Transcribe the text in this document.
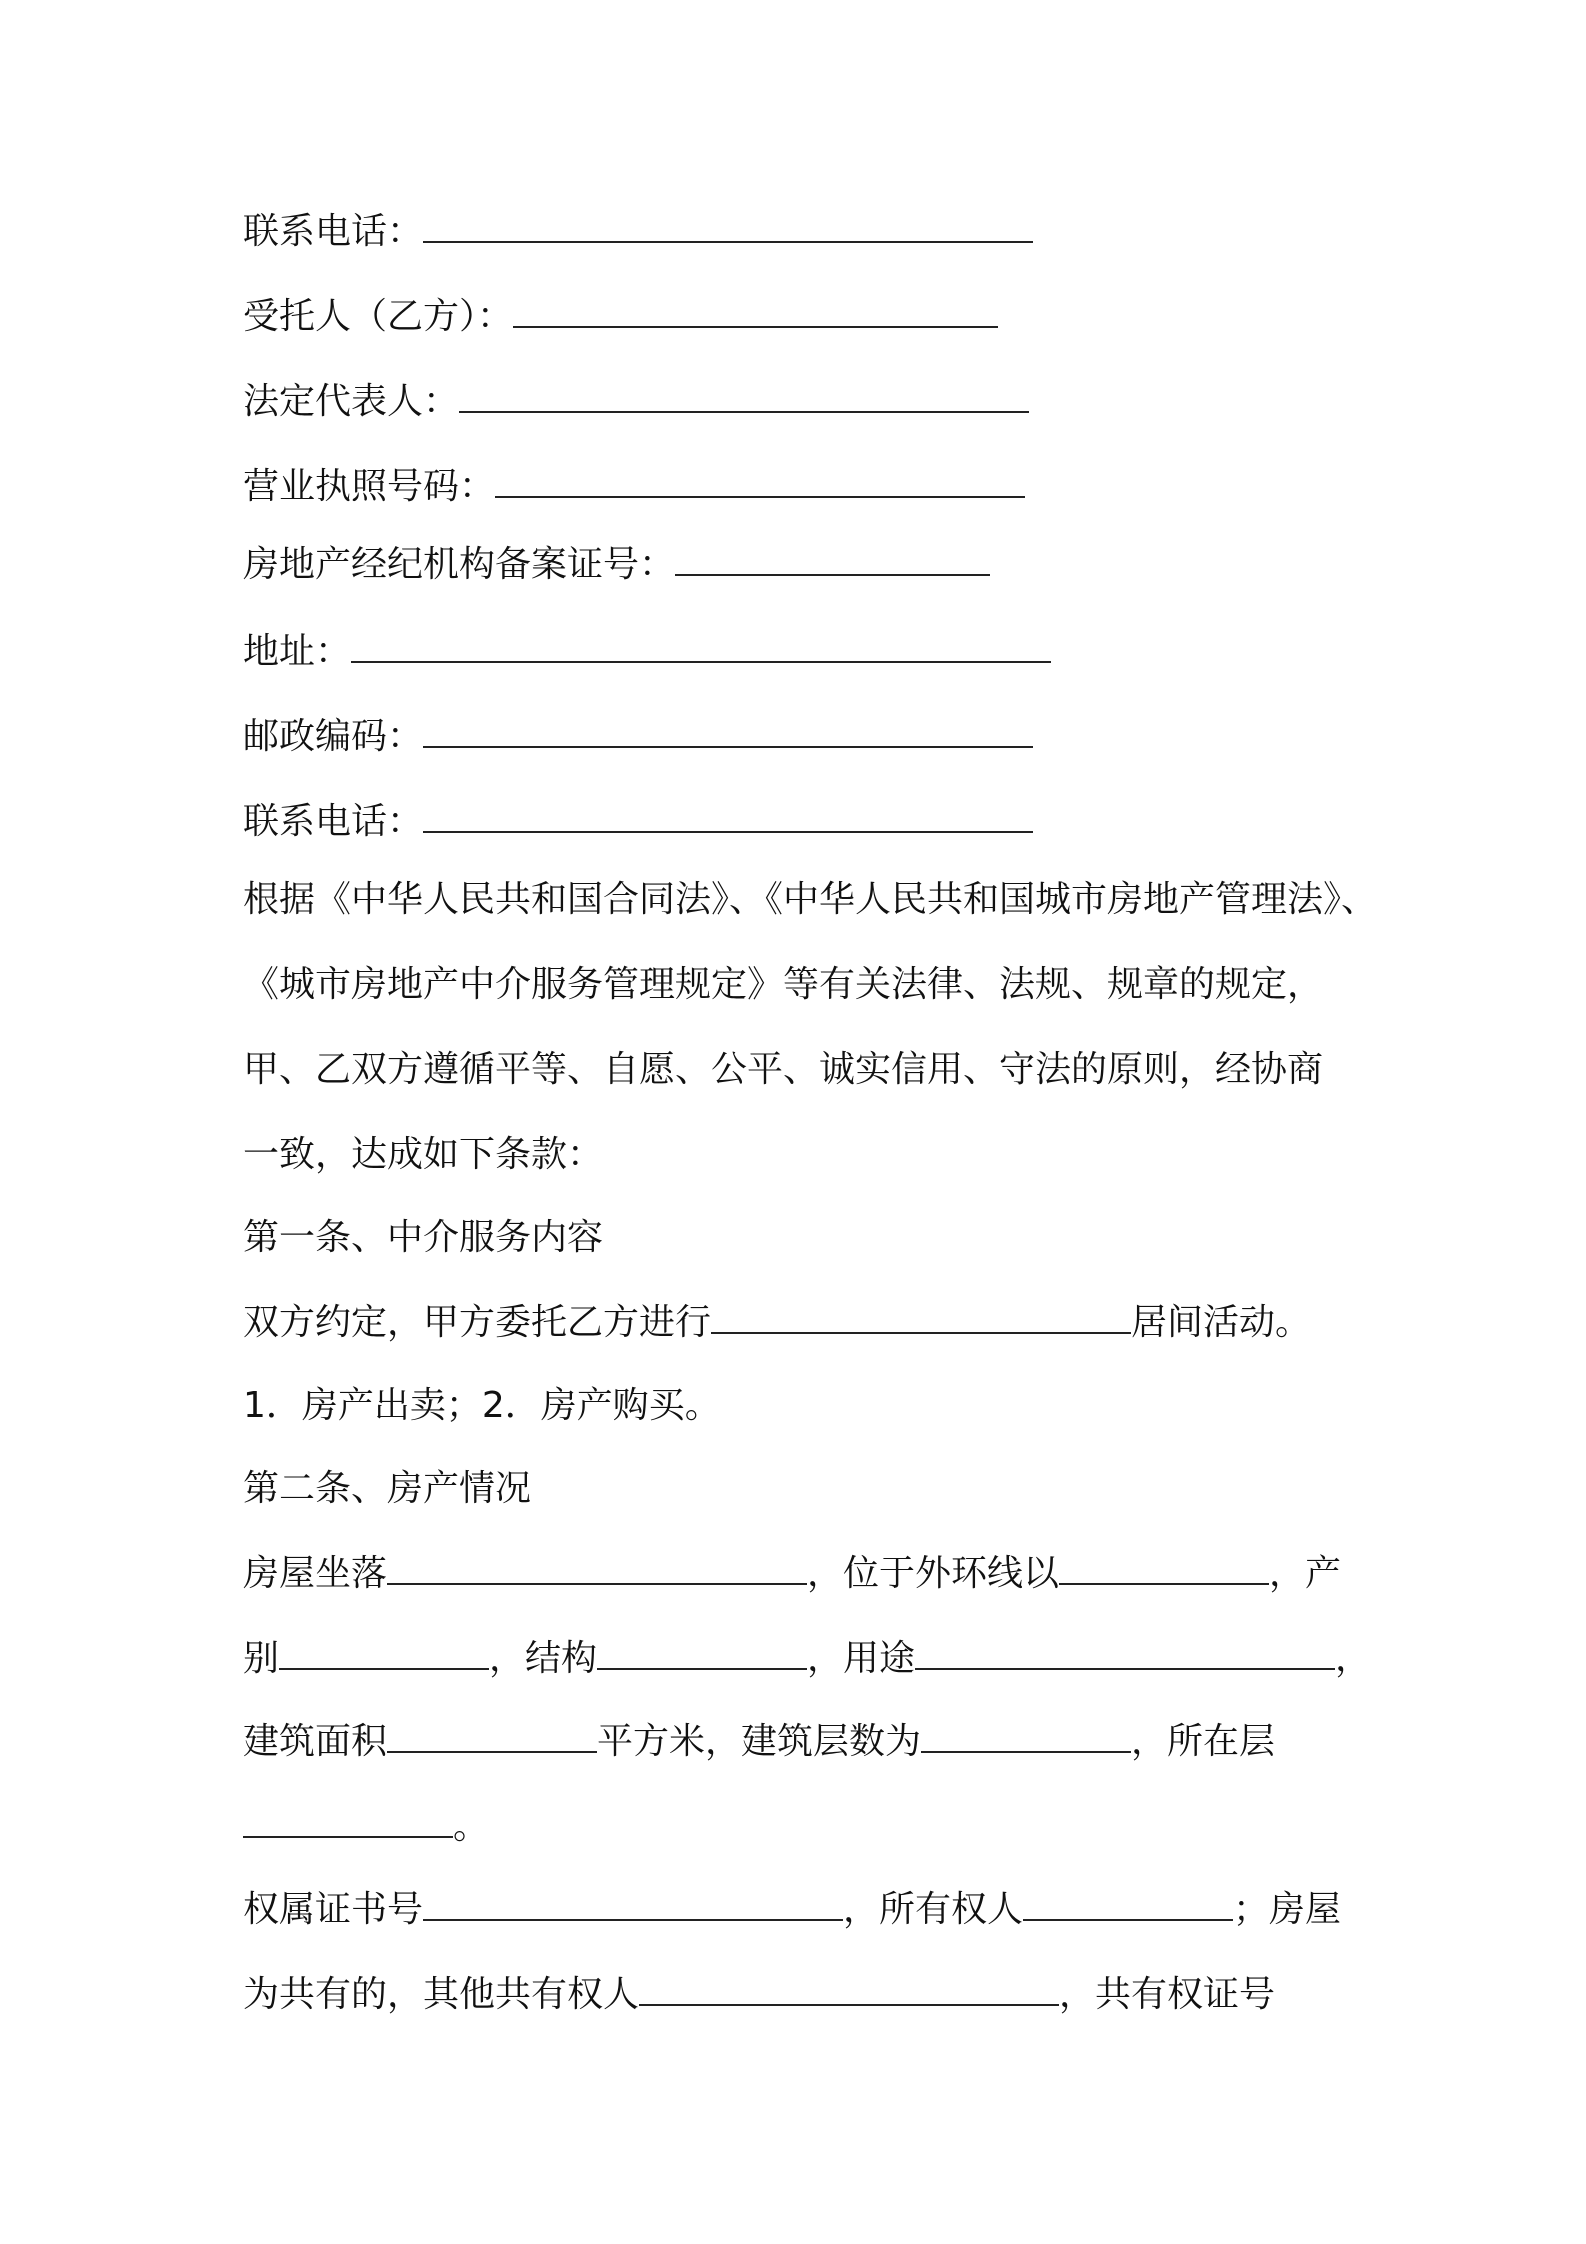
联系电话：
受托人（乙方）：
法定代表人：
营业执照号码：
房地产经纪机构备案证号：
地址：
邮政编码：
联系电话：
根据《中华人民共和国合同法》、《中华人民共和国城市房地产管理法》、
《城市房地产中介服务管理规定》等有关法律、法规、规章的规定，
甲、乙双方遵循平等、自愿、公平、诚实信用、守法的原则，经协商
一致，达成如下条款：
第一条、中介服务内容
双方约定，甲方委托乙方进行	居间活动。
1．房产出卖；2．房产购买。
第二条、房产情况
房屋坐落	，位于外环线以	，产
别	，结构	，用途	，
建筑面积	平方米，建筑层数为	，所在层
。
权属证书号	，所有权人	；房屋
为共有的，其他共有权人	，共有权证号
